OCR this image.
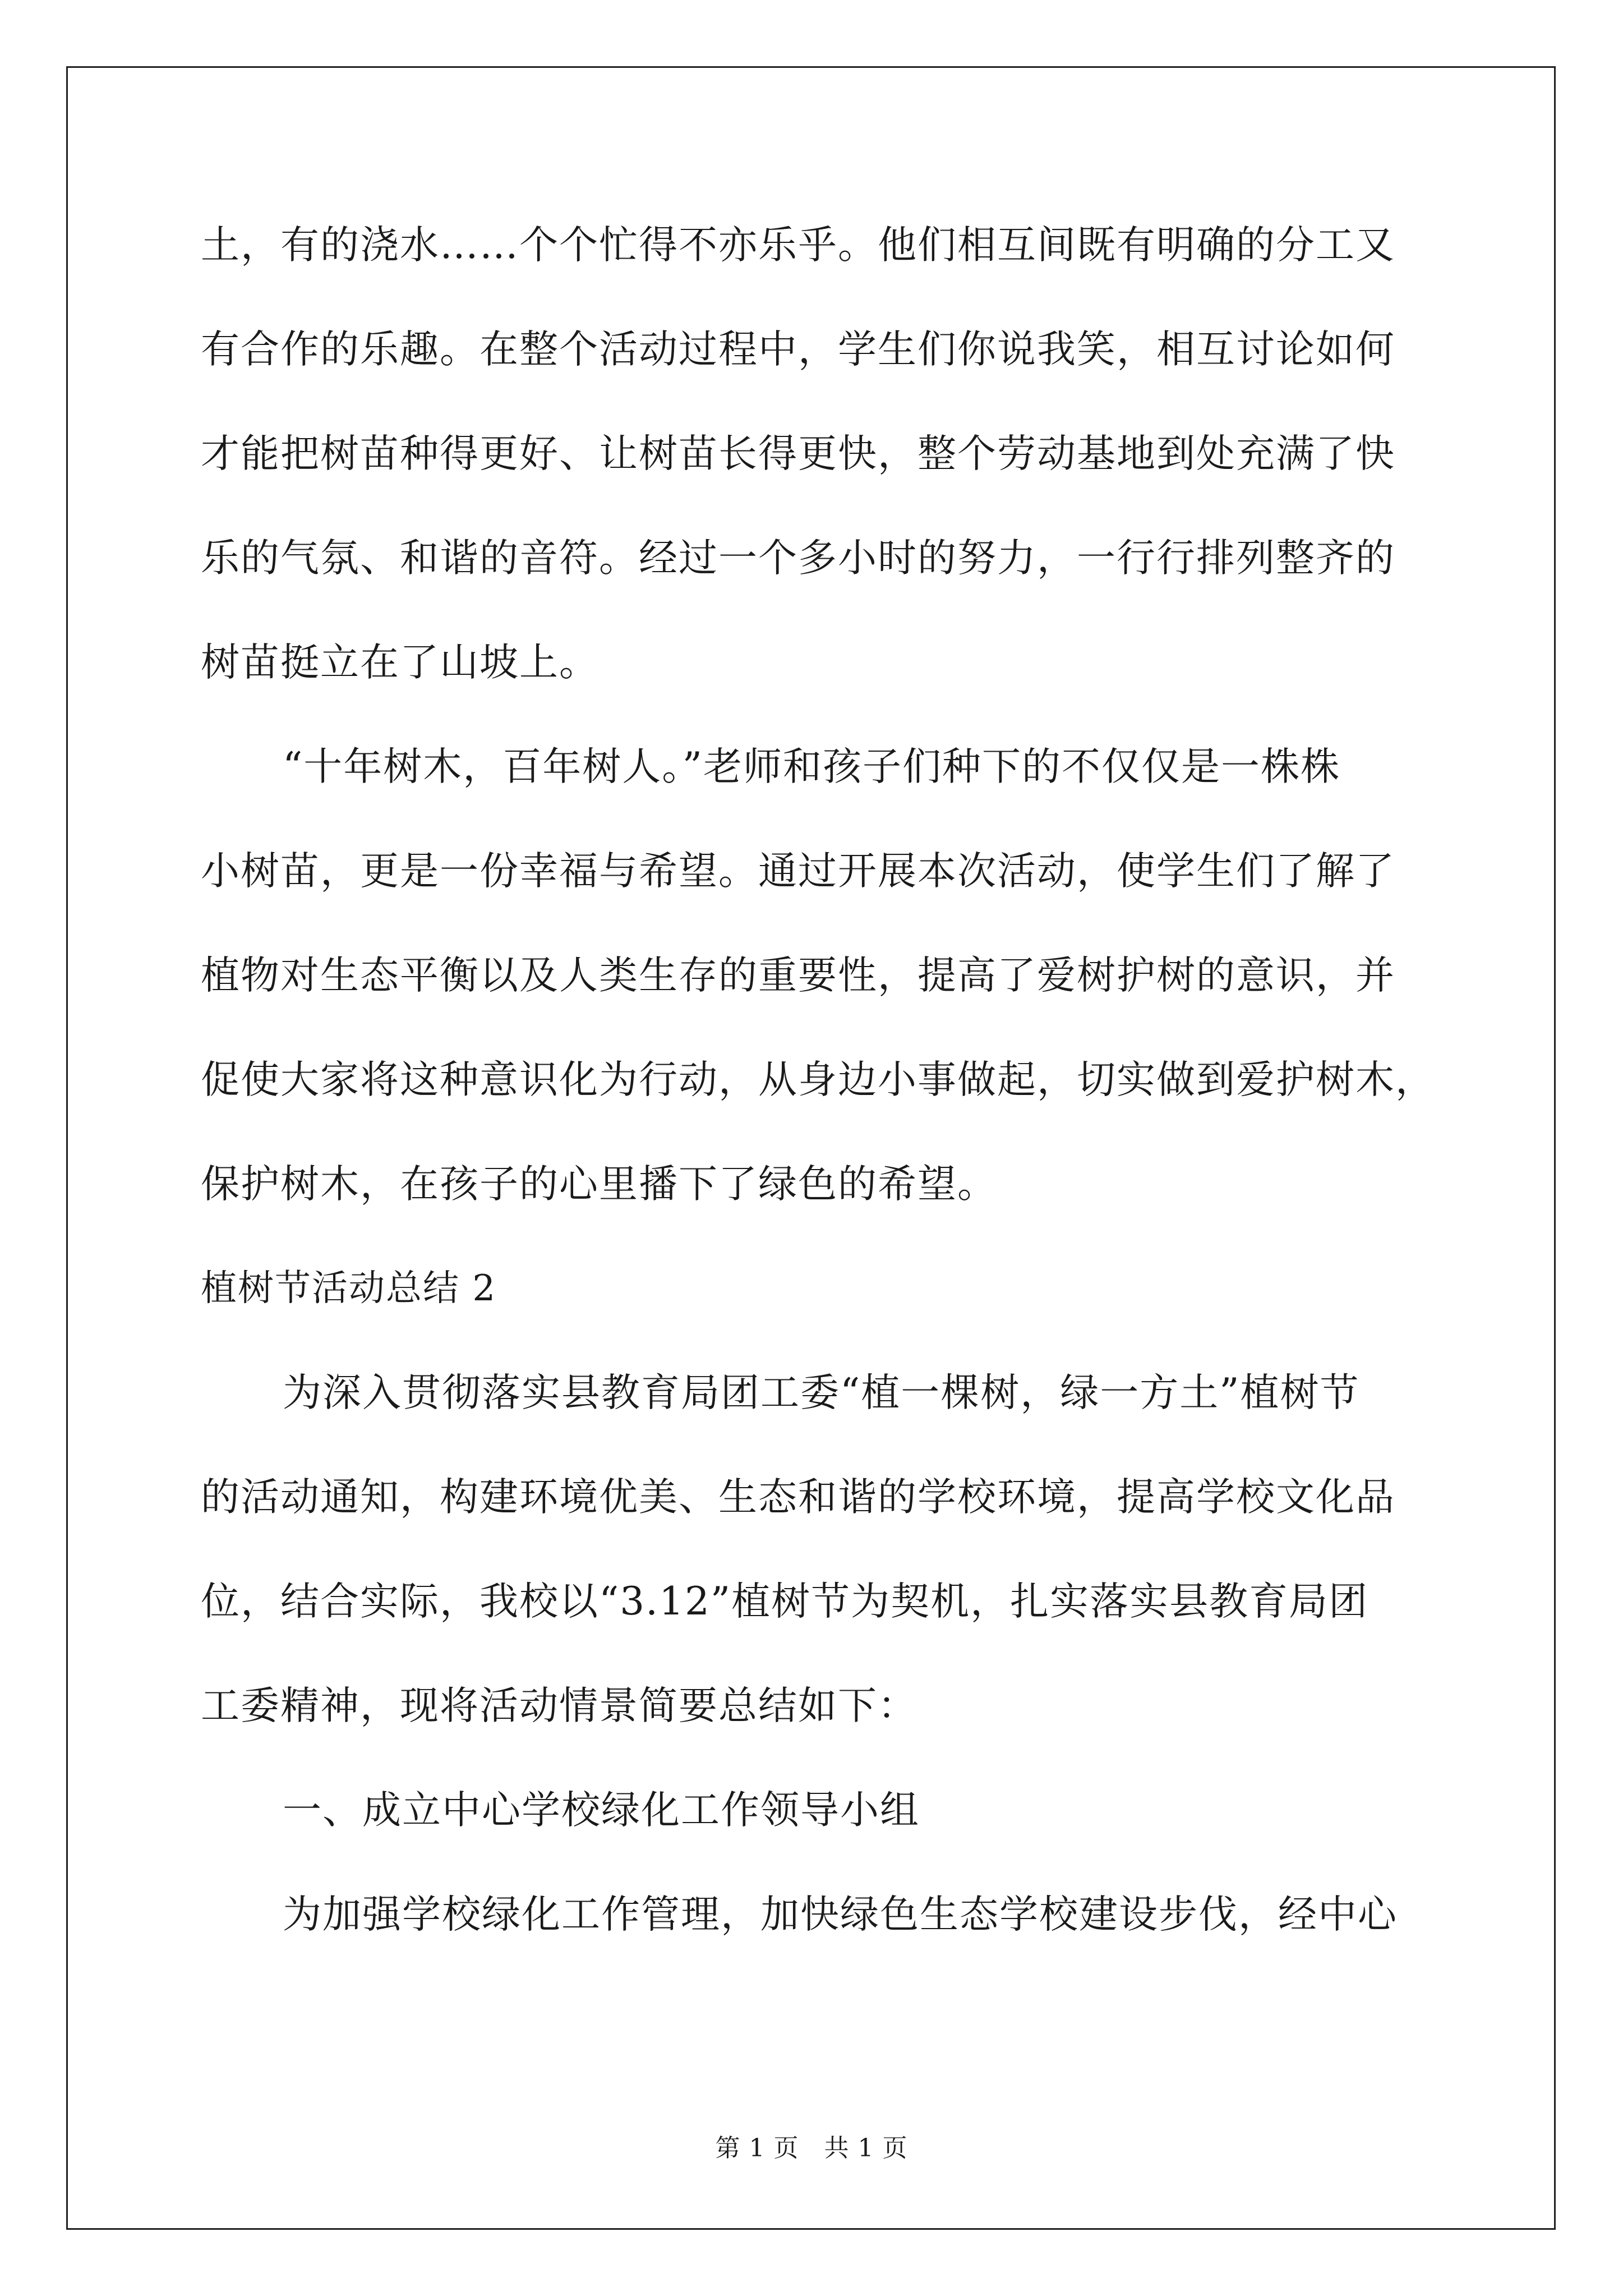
土，有的浇水……个个忙得不亦乐乎。他们相互间既有明确的分工又
有合作的乐趣。在整个活动过程中，学生们你说我笑，相互讨论如何
才能把树苗种得更好、让树苗长得更快，整个劳动基地到处充满了快
乐的气氛、和谐的音符。经过一个多小时的努力，一行行排列整齐的
树苗挺立在了山坡上。
“十年树木，百年树人。”老师和孩子们种下的不仅仅是一株株
小树苗，更是一份幸福与希望。通过开展本次活动，使学生们了解了
植物对生态平衡以及人类生存的重要性，提高了爱树护树的意识，并
促使大家将这种意识化为行动，从身边小事做起，切实做到爱护树木，
保护树木，在孩子的心里播下了绿色的希望。
植树节活动总结 2
为深入贯彻落实县教育局团工委“植一棵树，绿一方土”植树节
的活动通知，构建环境优美、生态和谐的学校环境，提高学校文化品
位，结合实际，我校以“3.12”植树节为契机，扎实落实县教育局团
工委精神，现将活动情景简要总结如下：
一、成立中心学校绿化工作领导小组
为加强学校绿化工作管理，加快绿色生态学校建设步伐，经中心
第 1 页　共 1 页
